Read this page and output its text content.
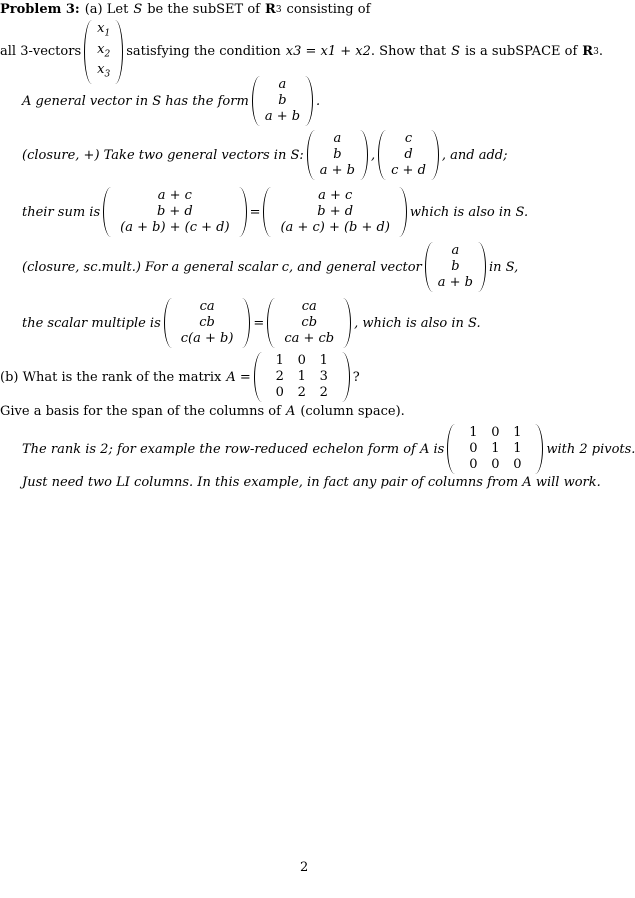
Problem 3: (a) Let S be the subSET of R 3 consisting of
all 3-vectors
$x_1$
$x_2$
$x_3$
satisfying the condition x3 = x1 + x2 . Show that S is a subSPACE of R 3 .
A general vector in S has the form
a
b
a + b
.
(closure, +) Take two general vectors in S:
a
b
a + b
,
c
d
c + d
, and add;
their sum is
a + c
b + d
(a + b) + (c + d)
=
a + c
b + d
(a + c) + (b + d)
which is also in S.
(closure, sc.mult.) For a general scalar c, and general vector
a
b
a + b
in S,
the scalar multiple is
ca
cb
c(a + b)
=
ca
cb
ca + cb
, which is also in S.
(b) What is the rank of the matrix A =
1	0	1
2	1	3
0	2	2
?
Give a basis for the span of the columns of A (column space).
The rank is 2; for example the row-reduced echelon form of A is
1	0	1
0	1	1
0	0	0
with 2 pivots.
Just need two LI columns. In this example, in fact any pair of columns from A will work.
2
